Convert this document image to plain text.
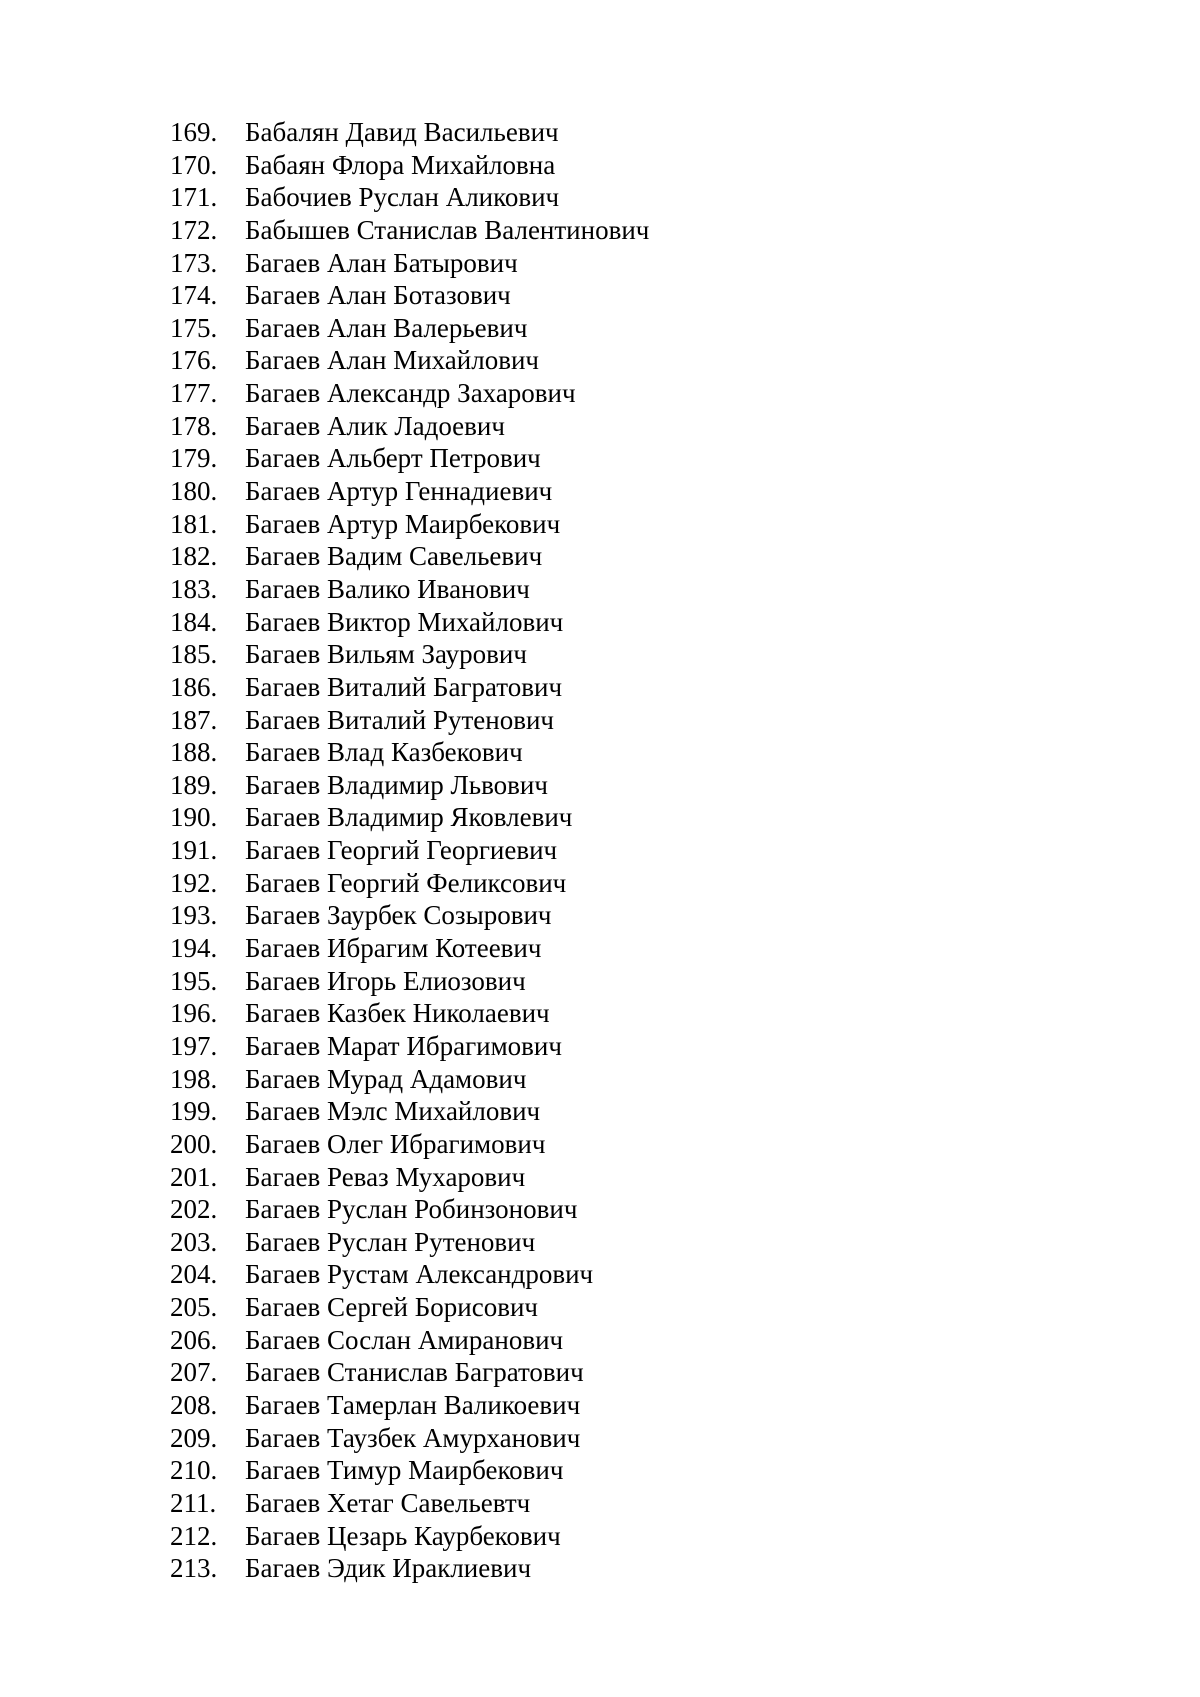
169.	Бабалян Давид Васильевич
170.	Бабаян Флора Михайловна
171.	Бабочиев Руслан Аликович
172.	Бабышев Станислав Валентинович
173.	Багаев Алан Батырович
174.	Багаев Алан Ботазович
175.	Багаев Алан Валерьевич
176.	Багаев Алан Михайлович
177.	Багаев Александр Захарович
178.	Багаев Алик Ладоевич
179.	Багаев Альберт Петрович
180.	Багаев Артур Геннадиевич
181.	Багаев Артур Маирбекович
182.	Багаев Вадим Савельевич
183.	Багаев Валико Иванович
184.	Багаев Виктор Михайлович
185.	Багаев Вильям Заурович
186.	Багаев Виталий Багратович
187.	Багаев Виталий Рутенович
188.	Багаев Влад Казбекович
189.	Багаев Владимир Львович
190.	Багаев Владимир Яковлевич
191.	Багаев Георгий Георгиевич
192.	Багаев Георгий Феликсович
193.	Багаев Заурбек Созырович
194.	Багаев Ибрагим Котеевич
195.	Багаев Игорь Елиозович
196.	Багаев Казбек Николаевич
197.	Багаев Марат Ибрагимович
198.	Багаев Мурад Адамович
199.	Багаев Мэлс Михайлович
200.	Багаев Олег Ибрагимович
201.	Багаев Реваз Мухарович
202.	Багаев Руслан Робинзонович
203.	Багаев Руслан Рутенович
204.	Багаев Рустам Александрович
205.	Багаев Сергей Борисович
206.	Багаев Сослан Амиранович
207.	Багаев Станислав Багратович
208.	Багаев Тамерлан Валикоевич
209.	Багаев Таузбек Амурханович
210.	Багаев Тимур Маирбекович
211.	Багаев Хетаг Савельевтч
212.	Багаев Цезарь Каурбекович
213.	Багаев Эдик Ираклиевич
